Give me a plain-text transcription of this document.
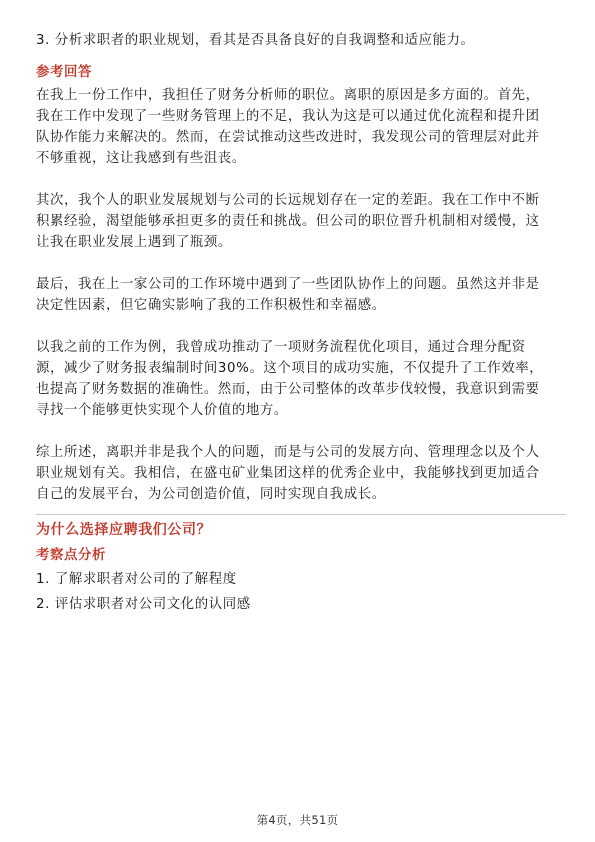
3. 分析求职者的职业规划，看其是否具备良好的自我调整和适应能力。

参考回答

在我上一份工作中，我担任了财务分析师的职位。离职的原因是多方面的。首先，

我在工作中发现了一些财务管理上的不足，我认为这是可以通过优化流程和提升团

队协作能力来解决的。然而，在尝试推动这些改进时，我发现公司的管理层对此并

不够重视，这让我感到有些沮丧。

其次，我个人的职业发展规划与公司的长远规划存在一定的差距。我在工作中不断

积累经验，渴望能够承担更多的责任和挑战。但公司的职位晋升机制相对缓慢，这

让我在职业发展上遇到了瓶颈。

最后，我在上一家公司的工作环境中遇到了一些团队协作上的问题。虽然这并非是

决定性因素，但它确实影响了我的工作积极性和幸福感。

以我之前的工作为例，我曾成功推动了一项财务流程优化项目，通过合理分配资

源，减少了财务报表编制时间30%。这个项目的成功实施，不仅提升了工作效率，

也提高了财务数据的准确性。然而，由于公司整体的改革步伐较慢，我意识到需要

寻找一个能够更快实现个人价值的地方。

综上所述，离职并非是我个人的问题，而是与公司的发展方向、管理理念以及个人

职业规划有关。我相信，在盛屯矿业集团这样的优秀企业中，我能够找到更加适合

自己的发展平台，为公司创造价值，同时实现自我成长。

为什么选择应聘我们公司？

考察点分析

1. 了解求职者对公司的了解程度

2. 评估求职者对公司文化的认同感

第4页，共51页
